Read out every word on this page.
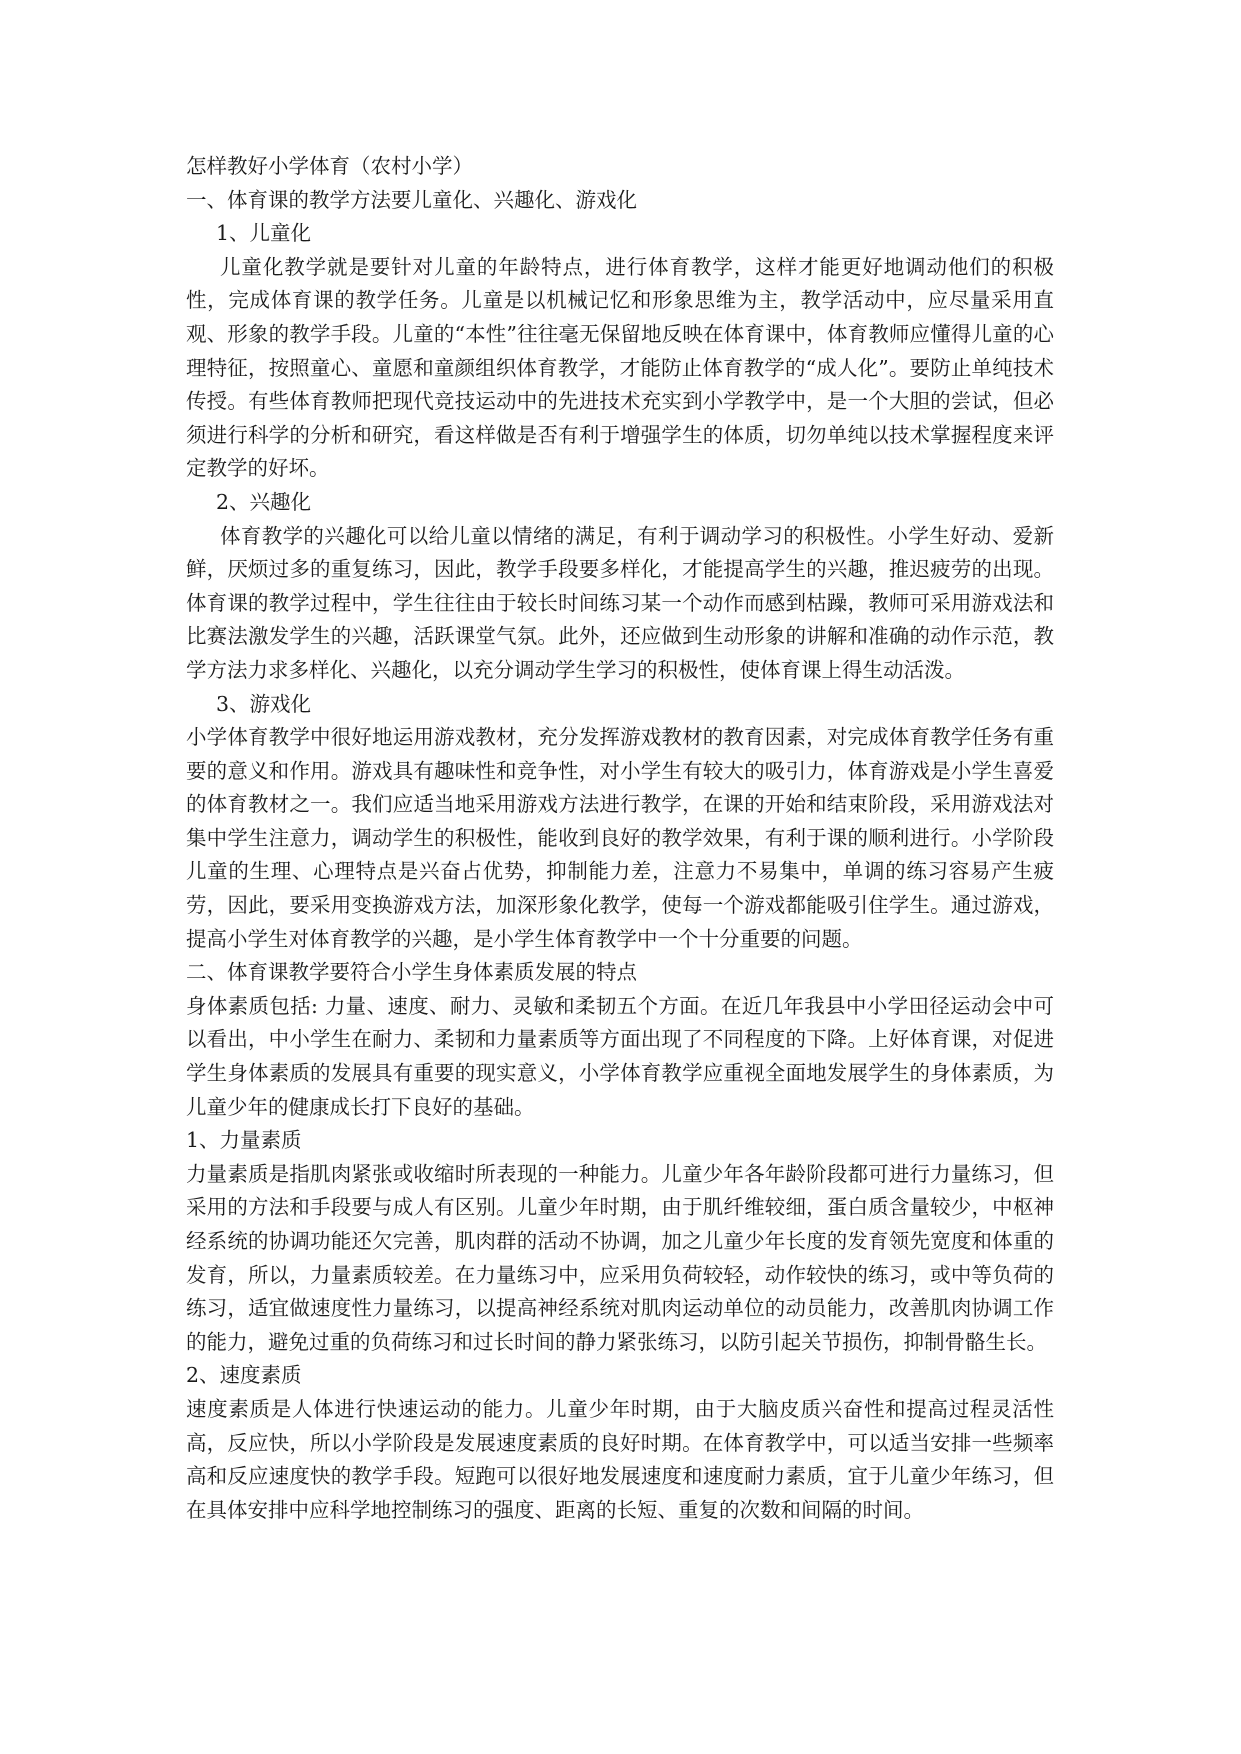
怎样教好小学体育（农村小学）

一、体育课的教学方法要儿童化、兴趣化、游戏化

1、儿童化

儿童化教学就是要针对儿童的年龄特点，进行体育教学，这样才能更好地调动他们的积极性，完成体育课的教学任务。儿童是以机械记忆和形象思维为主，教学活动中，应尽量采用直观、形象的教学手段。儿童的“本性”往往毫无保留地反映在体育课中，体育教师应懂得儿童的心理特征，按照童心、童愿和童颜组织体育教学，才能防止体育教学的“成人化”。要防止单纯技术传授。有些体育教师把现代竞技运动中的先进技术充实到小学教学中，是一个大胆的尝试，但必须进行科学的分析和研究，看这样做是否有利于增强学生的体质，切勿单纯以技术掌握程度来评定教学的好坏。

2、兴趣化

体育教学的兴趣化可以给儿童以情绪的满足，有利于调动学习的积极性。小学生好动、爱新鲜，厌烦过多的重复练习，因此，教学手段要多样化，才能提高学生的兴趣，推迟疲劳的出现。体育课的教学过程中，学生往往由于较长时间练习某一个动作而感到枯躁，教师可采用游戏法和比赛法激发学生的兴趣，活跃课堂气氛。此外，还应做到生动形象的讲解和准确的动作示范，教学方法力求多样化、兴趣化，以充分调动学生学习的积极性，使体育课上得生动活泼。

3、游戏化

小学体育教学中很好地运用游戏教材，充分发挥游戏教材的教育因素，对完成体育教学任务有重要的意义和作用。游戏具有趣味性和竞争性，对小学生有较大的吸引力，体育游戏是小学生喜爱的体育教材之一。我们应适当地采用游戏方法进行教学，在课的开始和结束阶段，采用游戏法对集中学生注意力，调动学生的积极性，能收到良好的教学效果，有利于课的顺利进行。小学阶段儿童的生理、心理特点是兴奋占优势，抑制能力差，注意力不易集中，单调的练习容易产生疲劳，因此，要采用变换游戏方法，加深形象化教学，使每一个游戏都能吸引住学生。通过游戏，提高小学生对体育教学的兴趣，是小学生体育教学中一个十分重要的问题。

二、体育课教学要符合小学生身体素质发展的特点

身体素质包括: 力量、速度、耐力、灵敏和柔韧五个方面。在近几年我县中小学田径运动会中可以看出，中小学生在耐力、柔韧和力量素质等方面出现了不同程度的下降。上好体育课，对促进学生身体素质的发展具有重要的现实意义，小学体育教学应重视全面地发展学生的身体素质，为儿童少年的健康成长打下良好的基础。

1、力量素质

力量素质是指肌肉紧张或收缩时所表现的一种能力。儿童少年各年龄阶段都可进行力量练习，但采用的方法和手段要与成人有区别。儿童少年时期，由于肌纤维较细，蛋白质含量较少，中枢神经系统的协调功能还欠完善，肌肉群的活动不协调，加之儿童少年长度的发育领先宽度和体重的发育，所以，力量素质较差。在力量练习中，应采用负荷较轻，动作较快的练习，或中等负荷的练习，适宜做速度性力量练习，以提高神经系统对肌肉运动单位的动员能力，改善肌肉协调工作的能力，避免过重的负荷练习和过长时间的静力紧张练习，以防引起关节损伤，抑制骨骼生长。

2、速度素质

速度素质是人体进行快速运动的能力。儿童少年时期，由于大脑皮质兴奋性和提高过程灵活性高，反应快，所以小学阶段是发展速度素质的良好时期。在体育教学中，可以适当安排一些频率高和反应速度快的教学手段。短跑可以很好地发展速度和速度耐力素质，宜于儿童少年练习，但在具体安排中应科学地控制练习的强度、距离的长短、重复的次数和间隔的时间。
